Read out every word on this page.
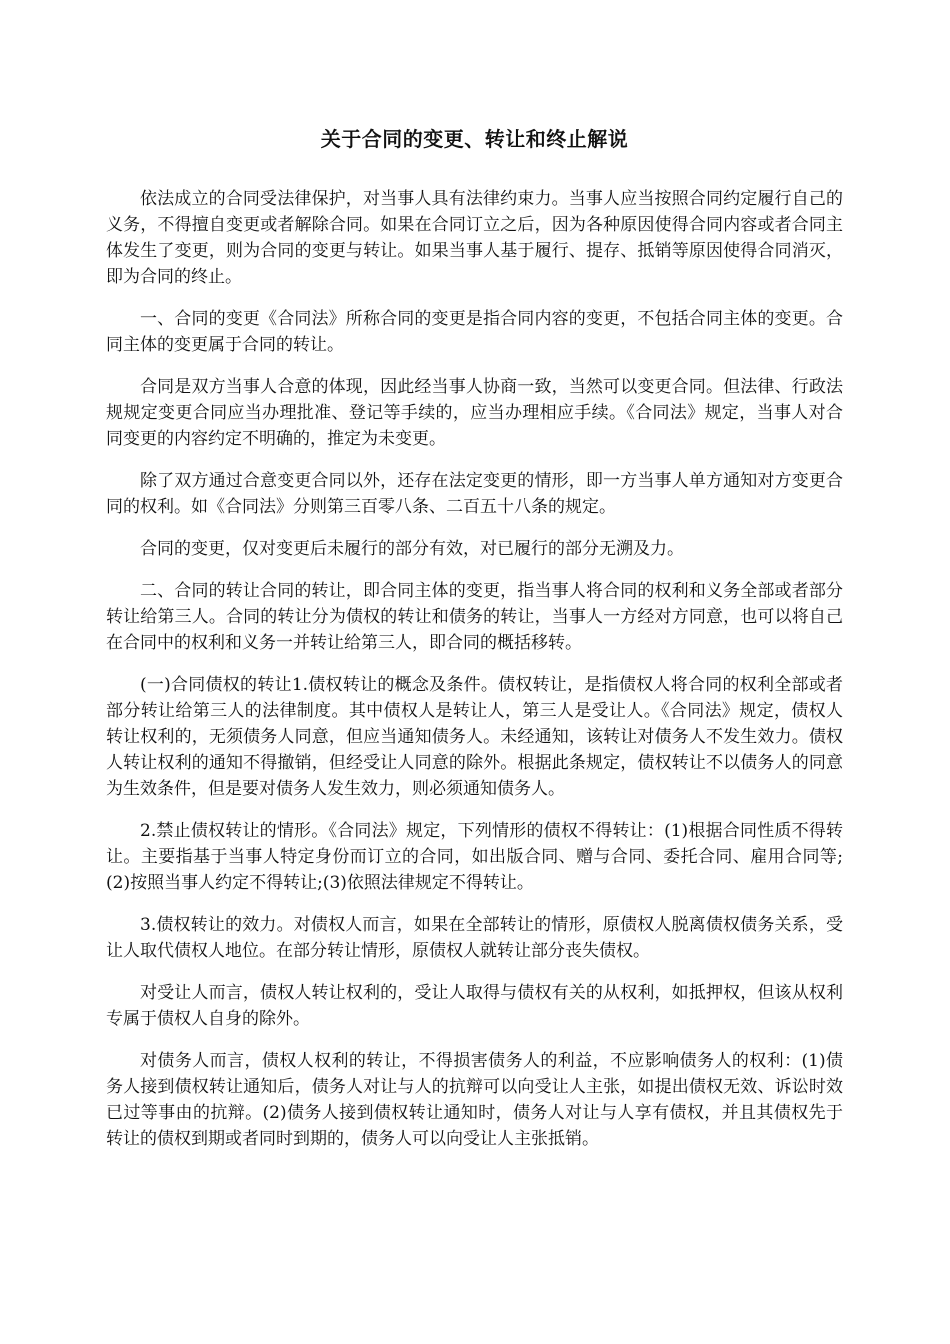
关于合同的变更、转让和终止解说

依法成立的合同受法律保护，对当事人具有法律约束力。当事人应当按照合同约定履行自己的义务，不得擅自变更或者解除合同。如果在合同订立之后，因为各种原因使得合同内容或者合同主体发生了变更，则为合同的变更与转让。如果当事人基于履行、提存、抵销等原因使得合同消灭，即为合同的终止。

一、合同的变更《合同法》所称合同的变更是指合同内容的变更，不包括合同主体的变更。合同主体的变更属于合同的转让。

合同是双方当事人合意的体现，因此经当事人协商一致，当然可以变更合同。但法律、行政法规规定变更合同应当办理批准、登记等手续的，应当办理相应手续。《合同法》规定，当事人对合同变更的内容约定不明确的，推定为未变更。

除了双方通过合意变更合同以外，还存在法定变更的情形，即一方当事人单方通知对方变更合同的权利。如《合同法》分则第三百零八条、二百五十八条的规定。

合同的变更，仅对变更后未履行的部分有效，对已履行的部分无溯及力。

二、合同的转让合同的转让，即合同主体的变更，指当事人将合同的权利和义务全部或者部分转让给第三人。合同的转让分为债权的转让和债务的转让，当事人一方经对方同意，也可以将自己在合同中的权利和义务一并转让给第三人，即合同的概括移转。

(一)合同债权的转让1.债权转让的概念及条件。债权转让，是指债权人将合同的权利全部或者部分转让给第三人的法律制度。其中债权人是转让人，第三人是受让人。《合同法》规定，债权人转让权利的，无须债务人同意，但应当通知债务人。未经通知，该转让对债务人不发生效力。债权人转让权利的通知不得撤销，但经受让人同意的除外。根据此条规定，债权转让不以债务人的同意为生效条件，但是要对债务人发生效力，则必须通知债务人。

2.禁止债权转让的情形。《合同法》规定，下列情形的债权不得转让：(1)根据合同性质不得转让。主要指基于当事人特定身份而订立的合同，如出版合同、赠与合同、委托合同、雇用合同等;(2)按照当事人约定不得转让;(3)依照法律规定不得转让。

3.债权转让的效力。对债权人而言，如果在全部转让的情形，原债权人脱离债权债务关系，受让人取代债权人地位。在部分转让情形，原债权人就转让部分丧失债权。

对受让人而言，债权人转让权利的，受让人取得与债权有关的从权利，如抵押权，但该从权利专属于债权人自身的除外。

对债务人而言，债权人权利的转让，不得损害债务人的利益，不应影响债务人的权利：(1)债务人接到债权转让通知后，债务人对让与人的抗辩可以向受让人主张，如提出债权无效、诉讼时效已过等事由的抗辩。(2)债务人接到债权转让通知时，债务人对让与人享有债权，并且其债权先于转让的债权到期或者同时到期的，债务人可以向受让人主张抵销。
